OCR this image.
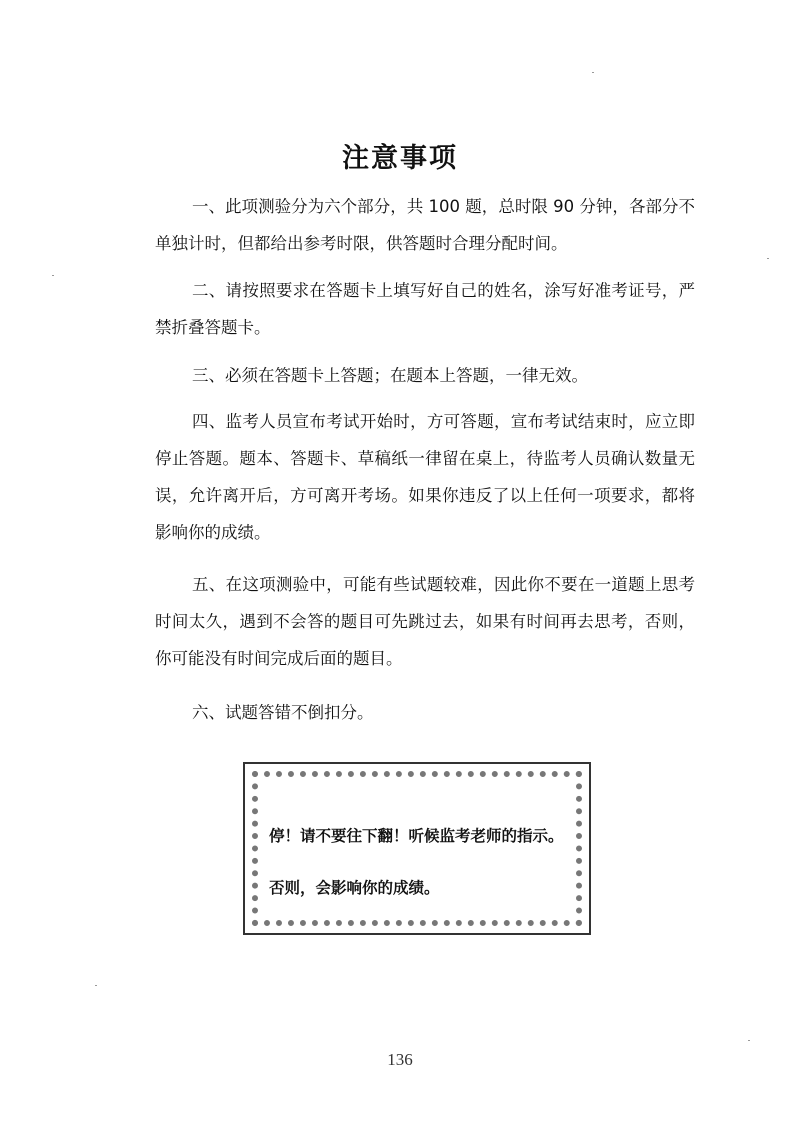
注意事项

一、此项测验分为六个部分，共 100 题，总时限 90 分钟，各部分不单独计时，但都给出参考时限，供答题时合理分配时间。

二、请按照要求在答题卡上填写好自己的姓名，涂写好准考证号，严禁折叠答题卡。

三、必须在答题卡上答题；在题本上答题，一律无效。

四、监考人员宣布考试开始时，方可答题，宣布考试结束时，应立即停止答题。题本、答题卡、草稿纸一律留在桌上，待监考人员确认数量无误，允许离开后，方可离开考场。如果你违反了以上任何一项要求，都将影响你的成绩。

五、在这项测验中，可能有些试题较难，因此你不要在一道题上思考时间太久，遇到不会答的题目可先跳过去，如果有时间再去思考，否则，你可能没有时间完成后面的题目。

六、试题答错不倒扣分。

停！请不要往下翻！听候监考老师的指示。
否则，会影响你的成绩。
136
